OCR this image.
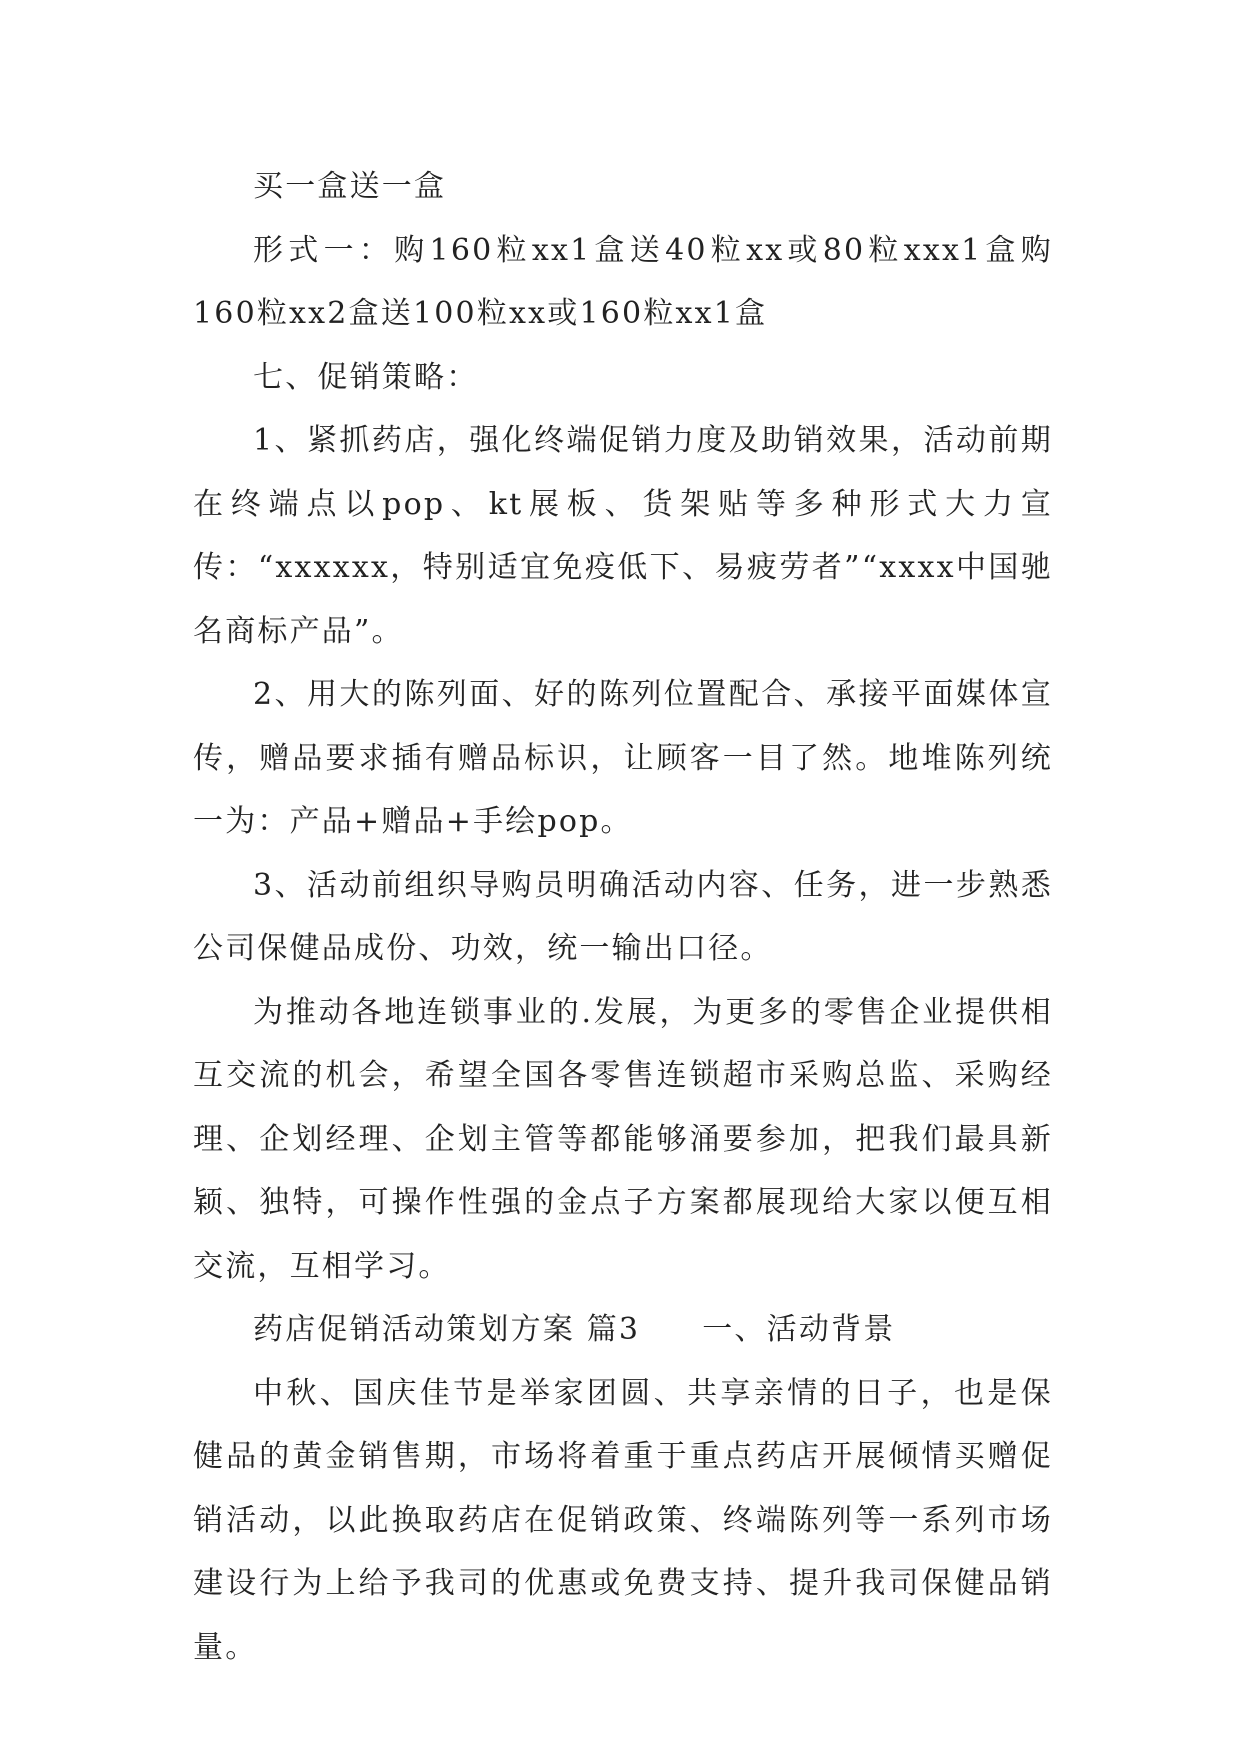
买一盒送一盒

形式一：购160粒xx1盒送40粒xx或80粒xxx1盒购160粒xx2盒送100粒xx或160粒xx1盒

七、促销策略：

1、紧抓药店，强化终端促销力度及助销效果，活动前期在终端点以pop、kt展板、货架贴等多种形式大力宣传：“xxxxxx，特别适宜免疫低下、易疲劳者”“xxxx中国驰名商标产品”。

2、用大的陈列面、好的陈列位置配合、承接平面媒体宣传，赠品要求插有赠品标识，让顾客一目了然。地堆陈列统一为：产品+赠品+手绘pop。

3、活动前组织导购员明确活动内容、任务，进一步熟悉公司保健品成份、功效，统一输出口径。

为推动各地连锁事业的.发展，为更多的零售企业提供相互交流的机会，希望全国各零售连锁超市采购总监、采购经理、企划经理、企划主管等都能够涌要参加，把我们最具新颖、独特，可操作性强的金点子方案都展现给大家以便互相交流，互相学习。

药店促销活动策划方案 篇3 一、活动背景

中秋、国庆佳节是举家团圆、共享亲情的日子，也是保健品的黄金销售期，市场将着重于重点药店开展倾情买赠促销活动，以此换取药店在促销政策、终端陈列等一系列市场建设行为上给予我司的优惠或免费支持、提升我司保健品销量。
